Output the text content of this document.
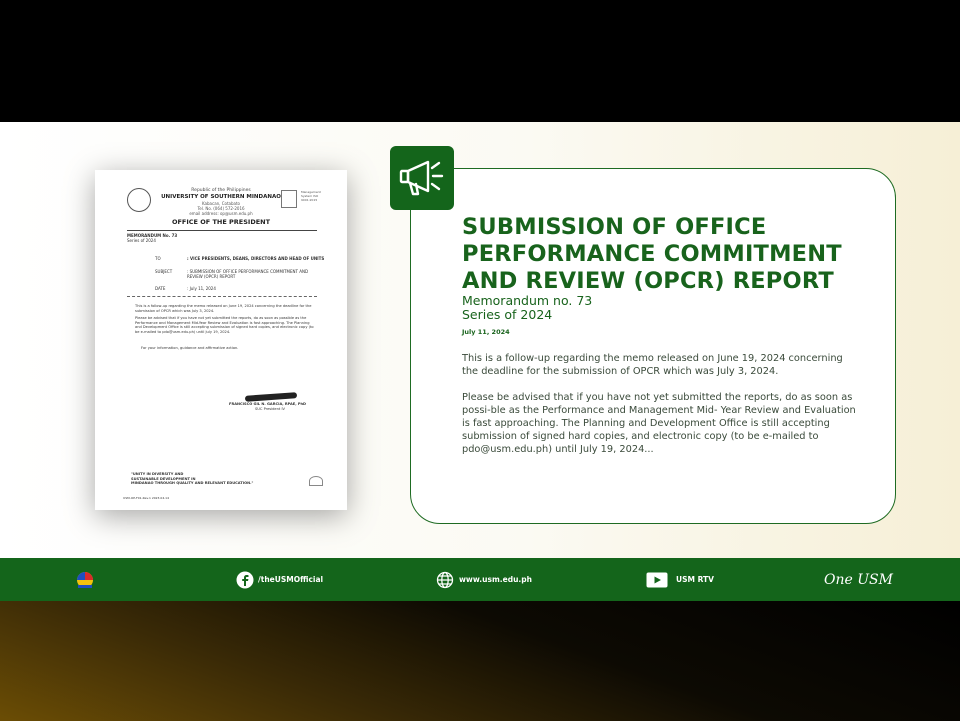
Management System ISO 9001:2015
Republic of the Philippines
UNIVERSITY OF SOUTHERN MINDANAO
Kabacan, Cotabato
Tel. No. (064) 572-2016
email address: op@usm.edu.ph
OFFICE OF THE PRESIDENT
MEMORANDUM No. 73
Series of 2024
TO	: VICE PRESIDENTS, DEANS, DIRECTORS AND HEAD OF UNITS
SUBJECT	: SUBMISSION OF OFFICE PERFORMANCE COMMITMENT AND REVIEW (OPCR) REPORT
DATE	: July 11, 2024
This is a follow-up regarding the memo released on June 19, 2024 concerning the deadline for the submission of OPCR which was July 3, 2024.
Please be advised that if you have not yet submitted the reports, do as soon as possible as the Performance and Management Mid-Year Review and Evaluation is fast approaching. The Planning and Development Office is still accepting submission of signed hard copies, and electronic copy (to be e-mailed to pdo@usm.edu.ph) until July 19, 2024.
For your information, guidance and affirmative action.
FRANCISCO GIL N. GARCIA, RPAE, PhD
SUC President IV
"UNITY IN DIVERSITY AND
SUSTAINABLE DEVELOPMENT IN
MINDANAO THROUGH QUALITY AND RELEVANT EDUCATION."
USM-OP-F01-Rev.1 2023.04.14
SUBMISSION OF OFFICE PERFORMANCE COMMITMENT AND REVIEW (OPCR) REPORT
Memorandum no. 73
Series of 2024
July 11, 2024

This is a follow-up regarding the memo released on June 19, 2024 concerning the deadline for the submission of OPCR which was July 3, 2024.

Please be advised that if you have not yet submitted the reports, do as soon as possi-ble as the Performance and Management Mid- Year Review and Evaluation is fast approaching. The Planning and Development Office is still accepting submission of signed hard copies, and electronic copy (to be e-mailed to pdo@usm.edu.ph) until July 19, 2024...

/theUSMOfficial	www.usm.edu.ph	USM RTV	One USM
